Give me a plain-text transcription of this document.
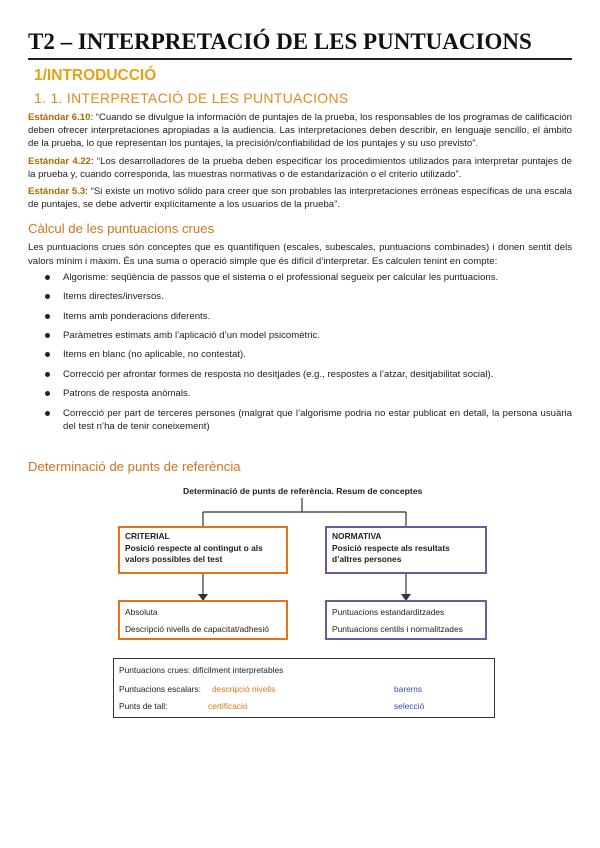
T2 – INTERPRETACIÓ DE LES PUNTUACIONS
1/INTRODUCCIÓ
1. 1. INTERPRETACIÓ DE LES PUNTUACIONS

Estándar 6.10: “Cuando se divulgue la información de puntajes de la prueba, los responsables de los programas de calificación deben ofrecer interpretaciones apropiadas a la audiencia. Las interpretaciones deben describir, en lenguaje sencillo, el ámbito de la prueba, lo que representan los puntajes, la precisión/confiabilidad de los puntajes y su uso previsto”.

Estándar 4.22: “Los desarrolladores de la prueba deben especificar los procedimientos utilizados para interpretar puntajes de la prueba y, cuando corresponda, las muestras normativas o de estandarización o el criterio utilizado”.

Estándar 5.3: “Si existe un motivo sólido para creer que son probables las interpretaciones erróneas específicas de una escala de puntajes, se debe advertir explícitamente a los usuarios de la prueba”.

Càlcul de les puntuacions crues

Les puntuacions crues són conceptes que es quantifiquen (escales, subescales, puntuacions combinades) i donen sentit dels valors mínim i màxim. És una suma o operació simple que és difícil d’interpretar. Es calculen tenint en compte:

Algorisme: seqüència de passos que el sistema o el professional segueix per calcular les puntuacions.
Items directes/inversos.
Items amb ponderacions diferents.
Paràmetres estimats amb l’aplicació d’un model psicomètric.
Items en blanc (no aplicable, no contestat).
Correcció per afrontar formes de resposta no desitjades (e.g., respostes a l’atzar, desitjabilitat social).
Patrons de resposta anòmals.
Correcció per part de terceres persones (malgrat que l’algorisme podria no estar publicat en detall, la persona usuària del test n’ha de tenir coneixement)
Determinació de punts de referència
Determinació de punts de referència. Resum de conceptes
CRITERIAL
Posició respecte al contingut o als valors possibles del test
NORMATIVA
Posició respecte als resultats d’altres persones
Absoluta
Descripció nivells de capacitat/adhesió
Puntuacions estandarditzades
Puntuacions centils i normalitzades
Puntuacions crues: difícilment interpretables
Puntuacions escalars: descripció nivells	barems
Punts de tall:	certificació	selecció
